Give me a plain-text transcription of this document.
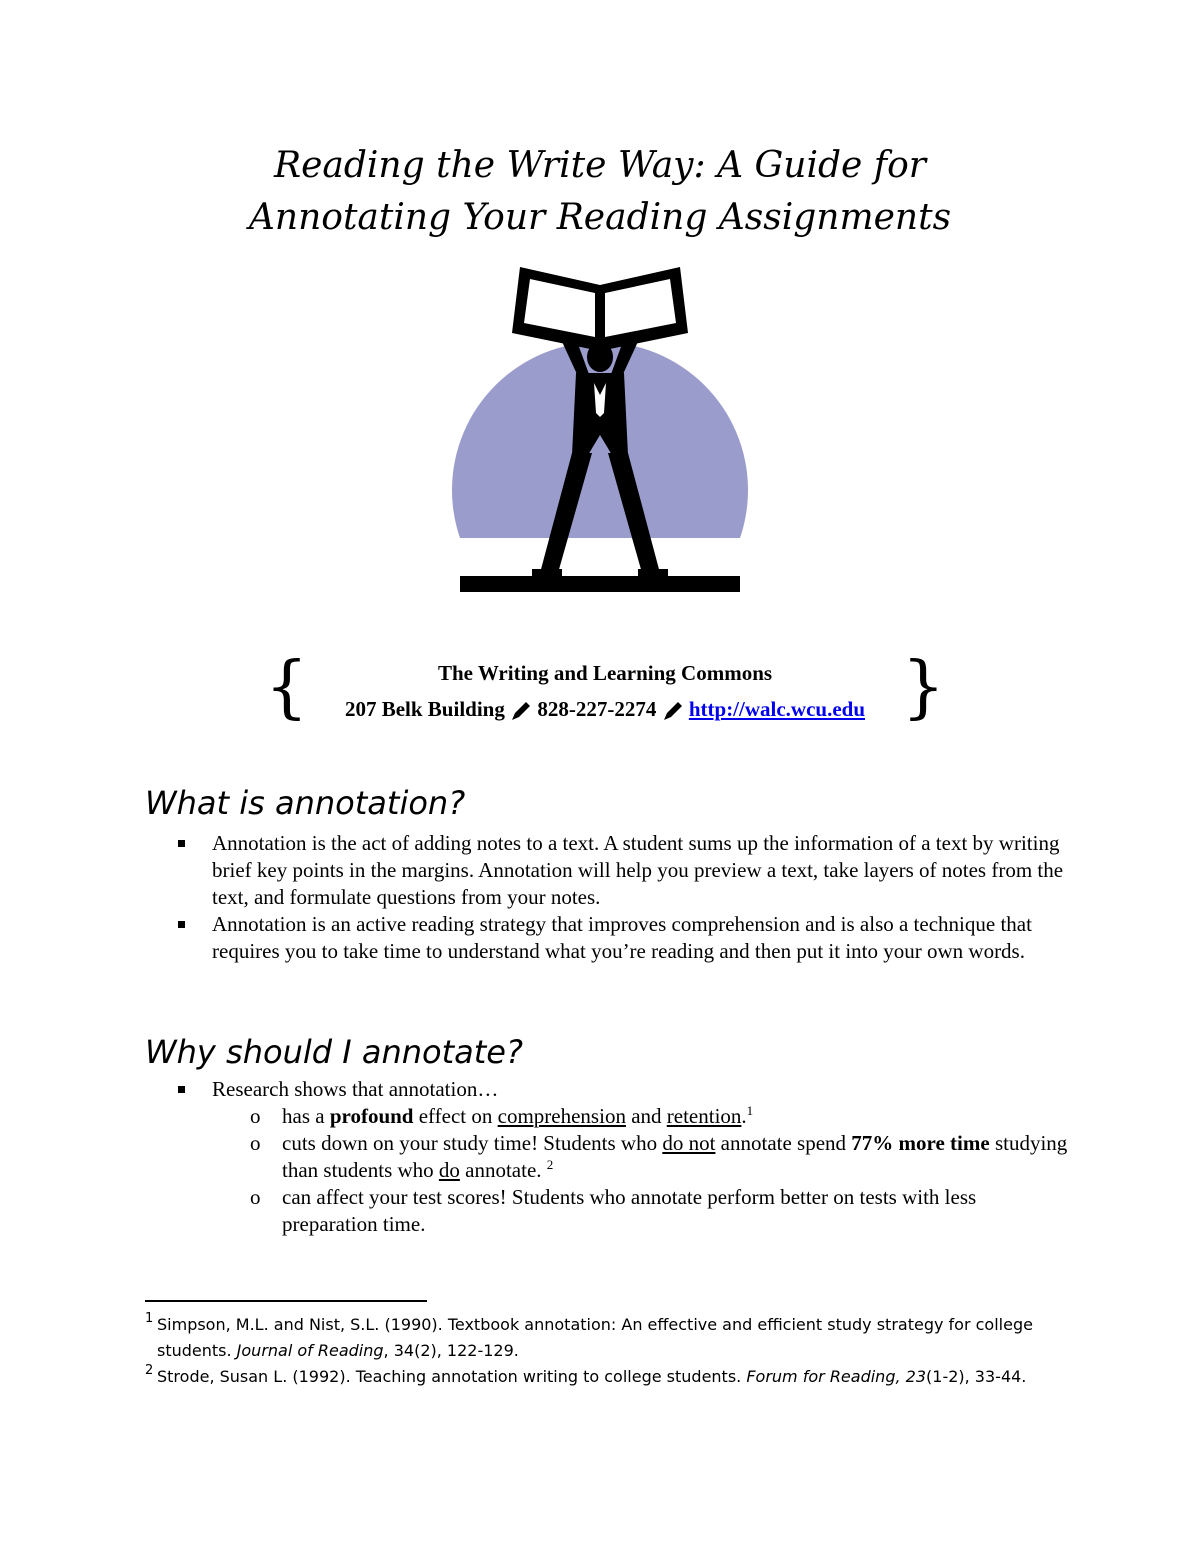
Reading the Write Way: A Guide for
Annotating Your Reading Assignments
{	The Writing and Learning Commons
207 Belk Building 828-227-2274 http://walc.wcu.edu }
What is annotation?
Annotation is the act of adding notes to a text. A student sums up the information of a text by writing brief key points in the margins. Annotation will help you preview a text, take layers of notes from the text, and formulate questions from your notes.
Annotation is an active reading strategy that improves comprehension and is also a technique that requires you to take time to understand what you’re reading and then put it into your own words.
Why should I annotate?
Research shows that annotation…
o has a profound effect on comprehension and retention.$^1$
o cuts down on your study time! Students who do not annotate spend 77% more time studying than students who do annotate. $^2$
o can affect your test scores! Students who annotate perform better on tests with less preparation time.
1 Simpson, M.L. and Nist, S.L. (1990). Textbook annotation: An effective and efficient study strategy for college students. Journal of Reading, 34(2), 122-129.
2 Strode, Susan L. (1992). Teaching annotation writing to college students. Forum for Reading, 23(1-2), 33-44.
